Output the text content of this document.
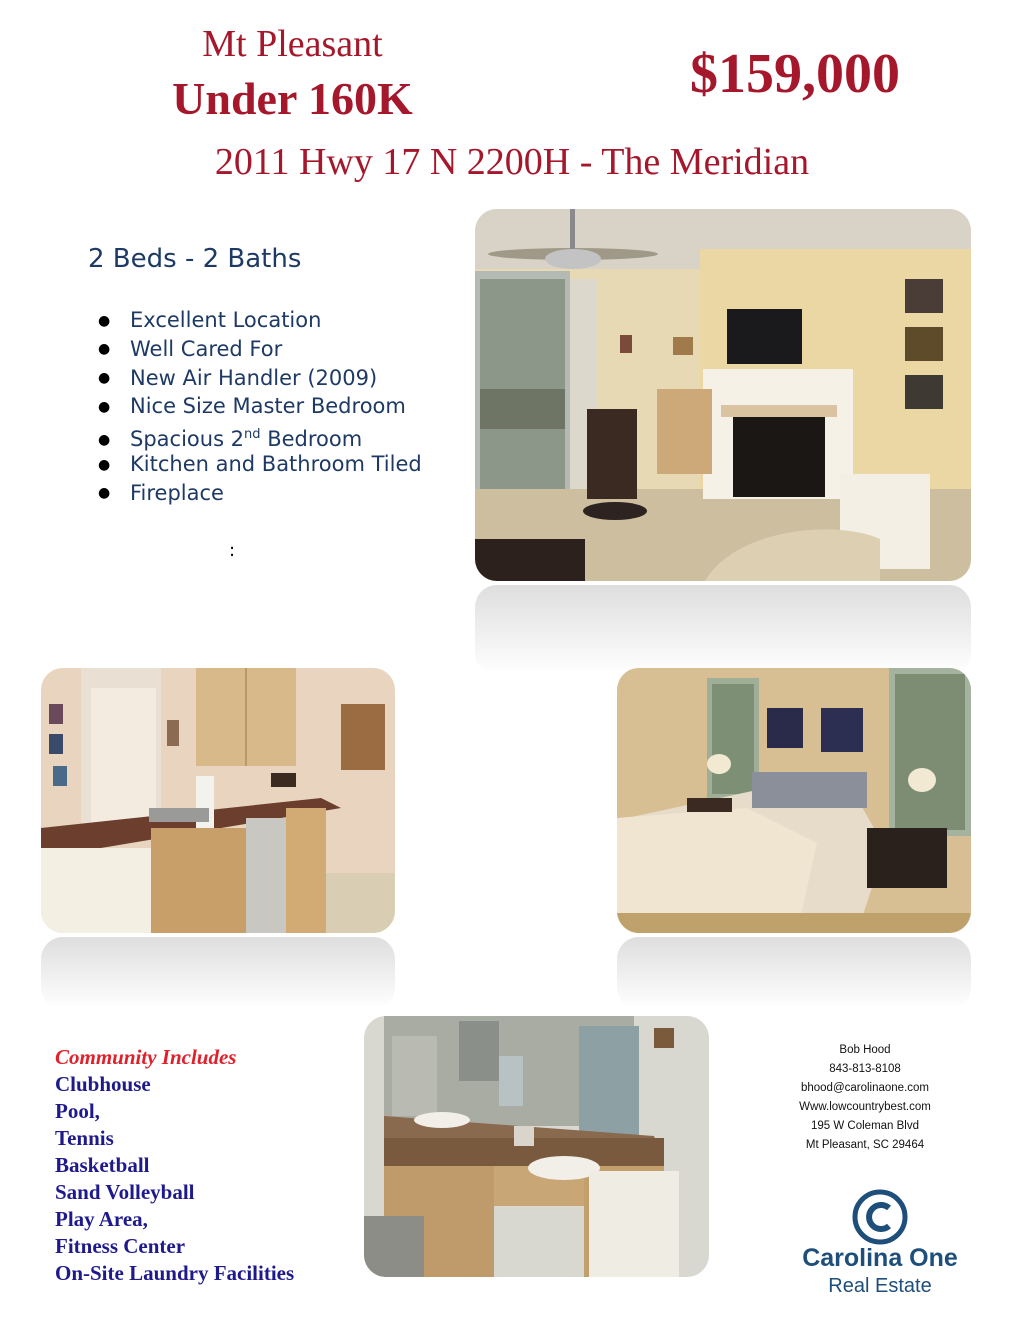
Mt Pleasant
Under 160K	$159,000
2011 Hwy 17 N 2200H - The Meridian
2 Beds - 2 Baths
● Excellent Location
● Well Cared For
● New Air Handler (2009)
● Nice Size Master Bedroom
● Spacious 2nd Bedroom
● Kitchen and Bathroom Tiled
● Fireplace
:
Community Includes
Clubhouse
Pool,
Tennis
Basketball
Sand Volleyball
Play Area,
Fitness Center
On-Site Laundry Facilities
Bob Hood
843-813-8108
bhood@carolinaone.com
Www.lowcountrybest.com
195 W Coleman Blvd
Mt Pleasant, SC 29464
Carolina One
Real Estate
